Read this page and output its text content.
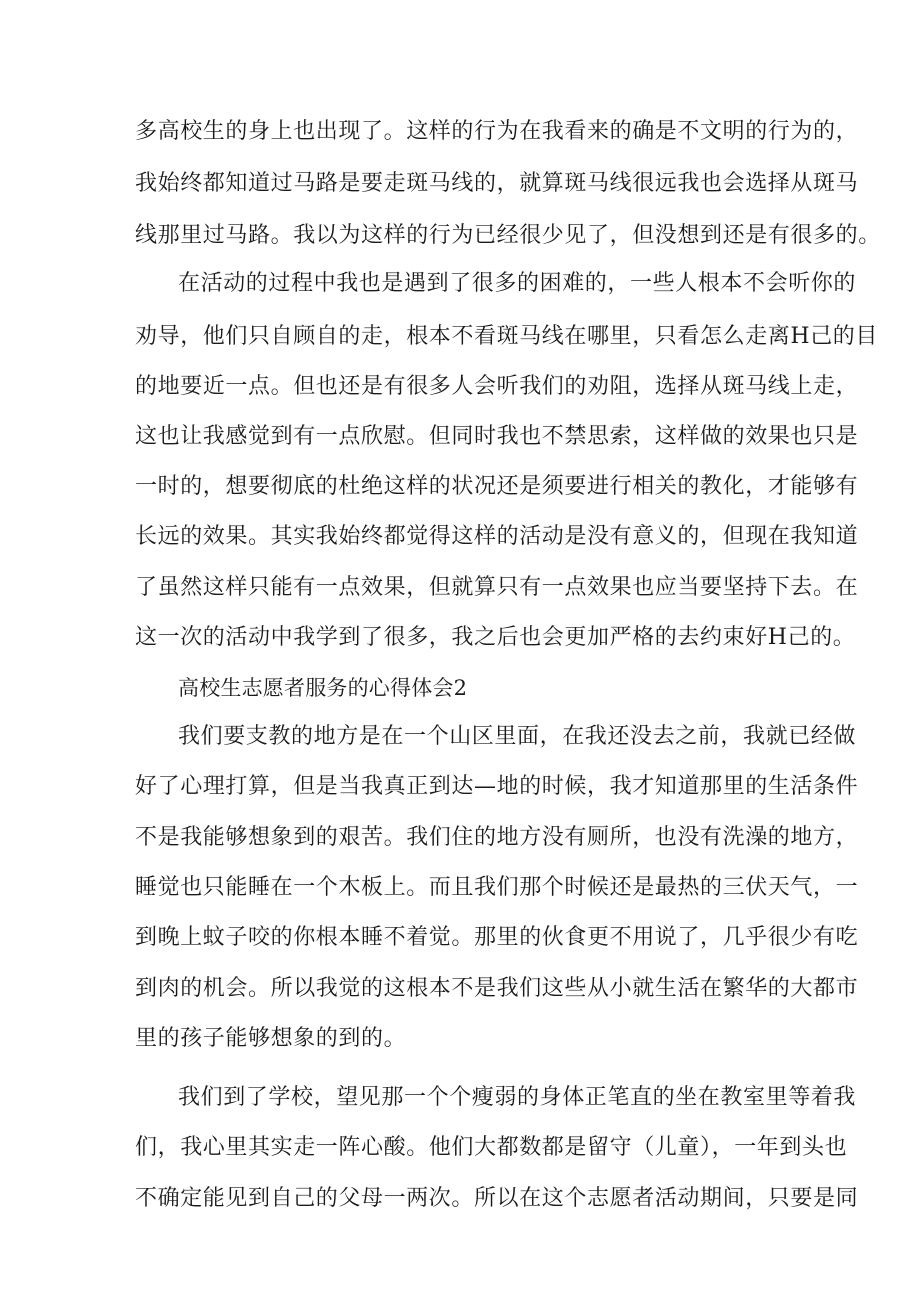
多高校生的身上也出现了。这样的行为在我看来的确是不文明的行为的，
我始终都知道过马路是要走斑马线的，就算斑马线很远我也会选择从斑马
线那里过马路。我以为这样的行为已经很少见了，但没想到还是有很多的。
在活动的过程中我也是遇到了很多的困难的，一些人根本不会听你的
劝导，他们只自顾自的走，根本不看斑马线在哪里，只看怎么走离H己的目
的地要近一点。但也还是有很多人会听我们的劝阻，选择从斑马线上走，
这也让我感觉到有一点欣慰。但同时我也不禁思索，这样做的效果也只是
一时的，想要彻底的杜绝这样的状况还是须要进行相关的教化，才能够有
长远的效果。其实我始终都觉得这样的活动是没有意义的，但现在我知道
了虽然这样只能有一点效果，但就算只有一点效果也应当要坚持下去。在
这一次的活动中我学到了很多，我之后也会更加严格的去约束好H己的。
高校生志愿者服务的心得体会2
我们要支教的地方是在一个山区里面，在我还没去之前，我就已经做
好了心理打算，但是当我真正到达—地的时候，我才知道那里的生活条件
不是我能够想象到的艰苦。我们住的地方没有厕所，也没有洗澡的地方，
睡觉也只能睡在一个木板上。而且我们那个时候还是最热的三伏天气，一
到晚上蚊子咬的你根本睡不着觉。那里的伙食更不用说了，几乎很少有吃
到肉的机会。所以我觉的这根本不是我们这些从小就生活在繁华的大都市
里的孩子能够想象的到的。
我们到了学校，望见那一个个瘦弱的身体正笔直的坐在教室里等着我
们，我心里其实走一阵心酸。他们大都数都是留守（儿童），一年到头也
不确定能见到自己的父母一两次。所以在这个志愿者活动期间，只要是同
